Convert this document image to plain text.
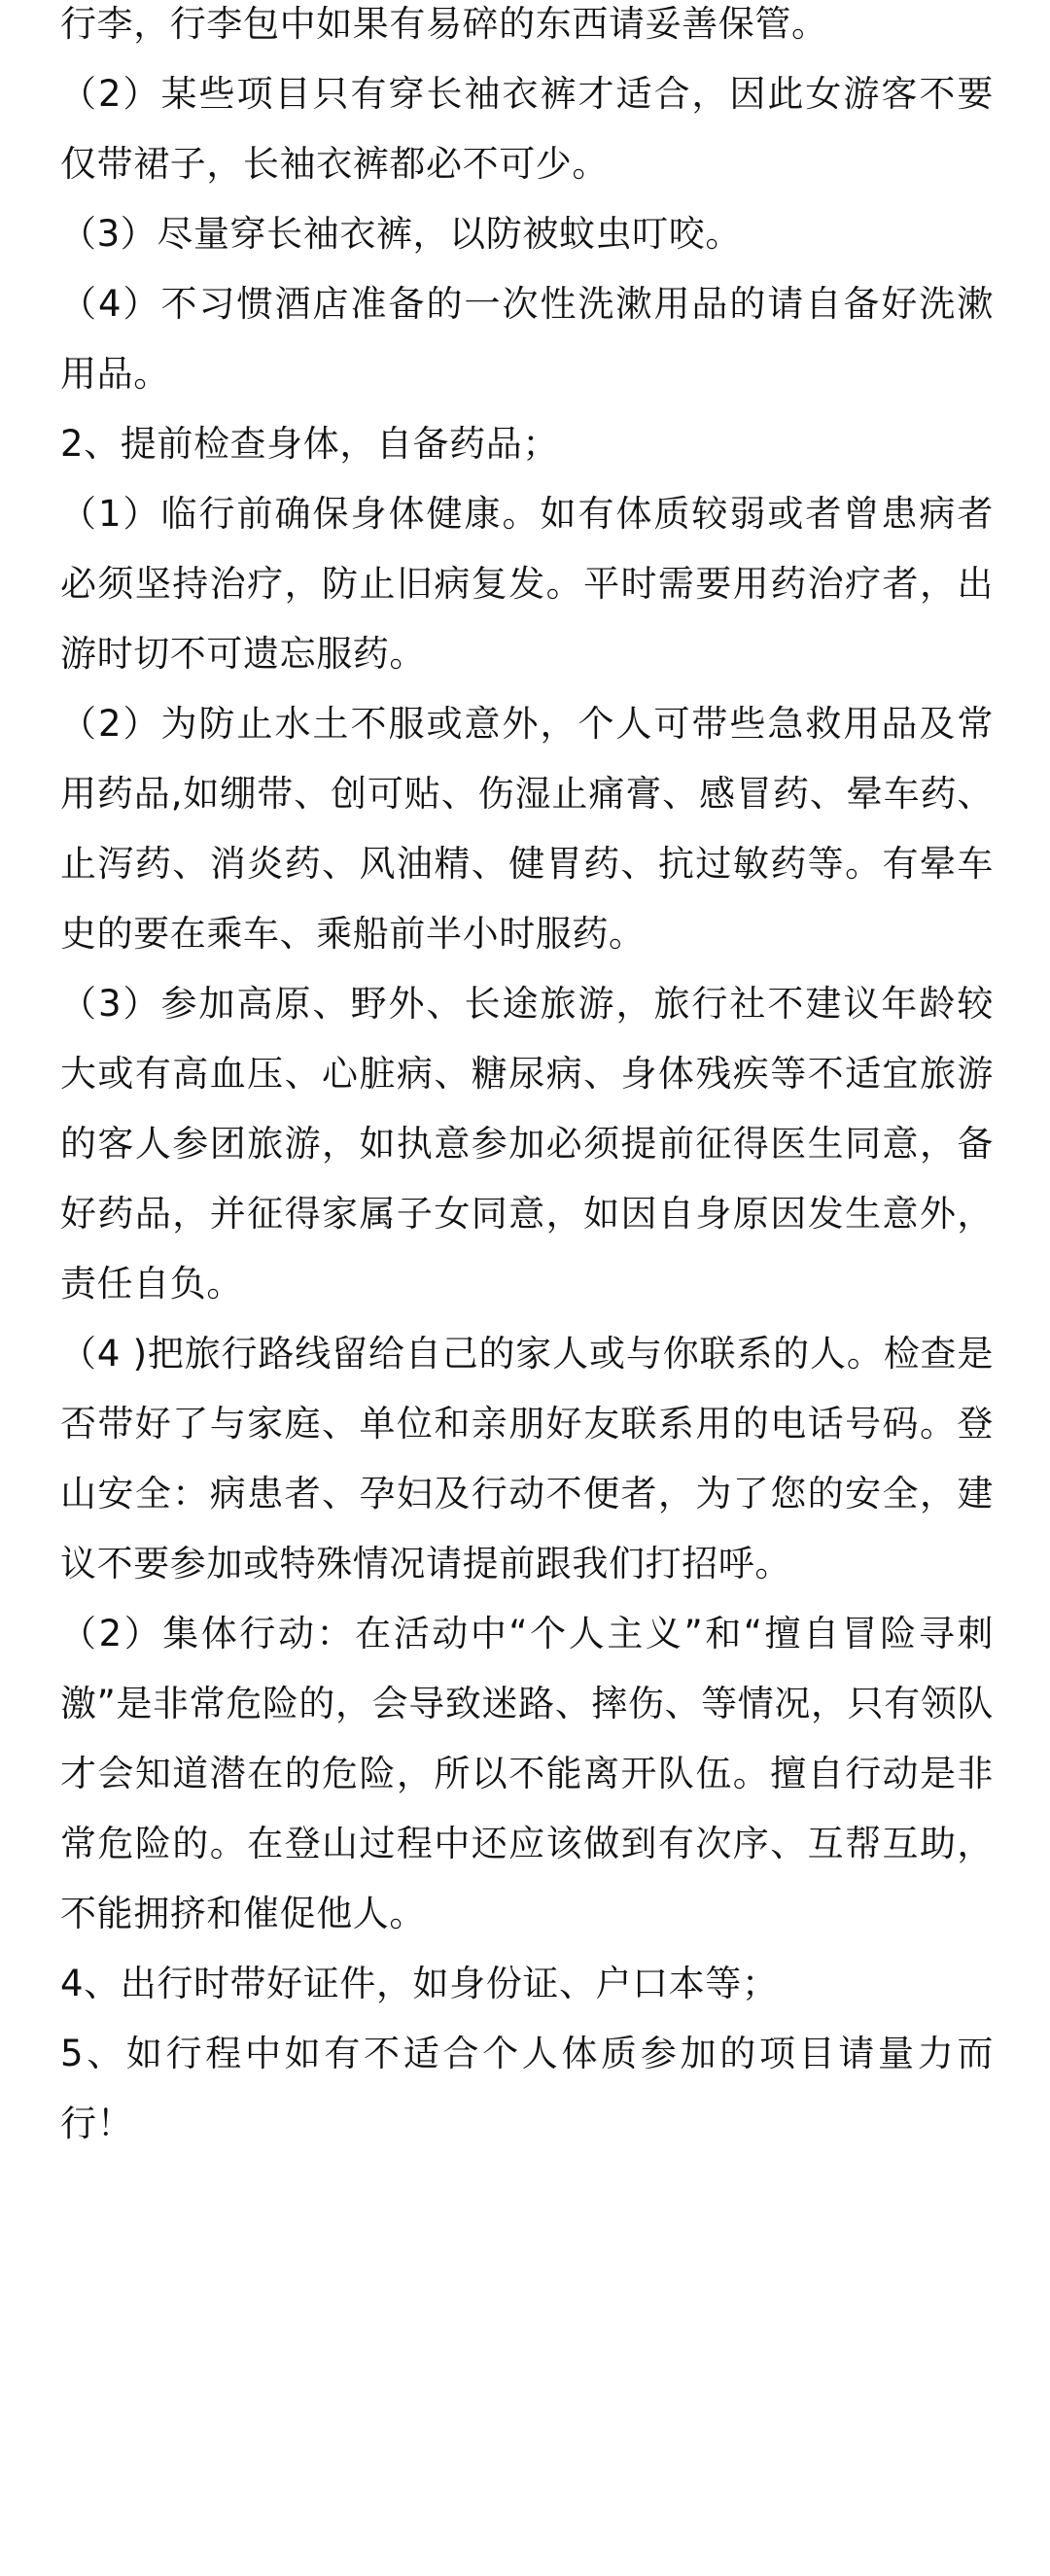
行李，行李包中如果有易碎的东西请妥善保管。

（2）某些项目只有穿长袖衣裤才适合，因此女游客不要仅带裙子，长袖衣裤都必不可少。

（3）尽量穿长袖衣裤，以防被蚊虫叮咬。

（4）不习惯酒店准备的一次性洗漱用品的请自备好洗漱用品。

2、提前检查身体，自备药品；

（1）临行前确保身体健康。如有体质较弱或者曾患病者必须坚持治疗，防止旧病复发。平时需要用药治疗者，出游时切不可遗忘服药。

（2）为防止水土不服或意外，个人可带些急救用品及常用药品,如绷带、创可贴、伤湿止痛膏、感冒药、晕车药、止泻药、消炎药、风油精、健胃药、抗过敏药等。有晕车史的要在乘车、乘船前半小时服药。

（3）参加高原、野外、长途旅游，旅行社不建议年龄较大或有高血压、心脏病、糖尿病、身体残疾等不适宜旅游的客人参团旅游，如执意参加必须提前征得医生同意，备好药品，并征得家属子女同意，如因自身原因发生意外，责任自负。

（4 )把旅行路线留给自己的家人或与你联系的人。检查是否带好了与家庭、单位和亲朋好友联系用的电话号码。登山安全：病患者、孕妇及行动不便者，为了您的安全，建议不要参加或特殊情况请提前跟我们打招呼。

（2）集体行动：在活动中“个人主义”和“擅自冒险寻刺激”是非常危险的，会导致迷路、摔伤、等情况，只有领队才会知道潜在的危险，所以不能离开队伍。擅自行动是非常危险的。在登山过程中还应该做到有次序、互帮互助，不能拥挤和催促他人。

4、出行时带好证件，如身份证、户口本等；

5、如行程中如有不适合个人体质参加的项目请量力而行！
